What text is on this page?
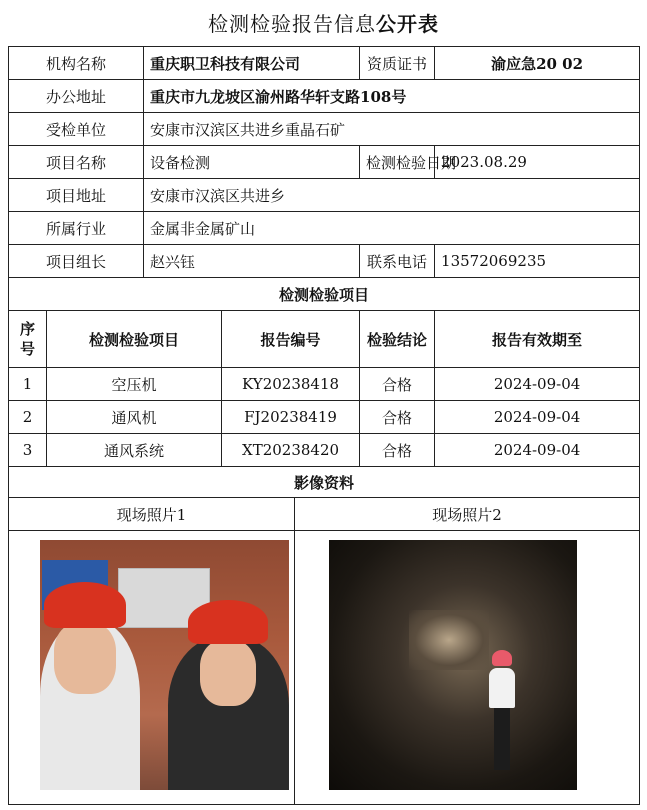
检测检验报告信息公开表
机构名称		重庆职卫科技有限公司			资质证书	渝应急20 02
办公地址		重庆市九龙坡区渝州路华轩支路108号				
受检单位		安康市汉滨区共进乡重晶石矿				
项目名称		设备检测			检测检验日期	2023.08.29
项目地址		安康市汉滨区共进乡				
所属行业		金属非金属矿山				
项目组长		赵兴钰			联系电话	13572069235
检测检验项目						
序号	检测检验项目		报告编号		检验结论	报告有效期至
1	空压机		KY20238418		合格	2024-09-04
2	通风机		FJ20238419		合格	2024-09-04
3	通风系统		XT20238420		合格	2024-09-04
影像资料						
现场照片1				现场照片2		
